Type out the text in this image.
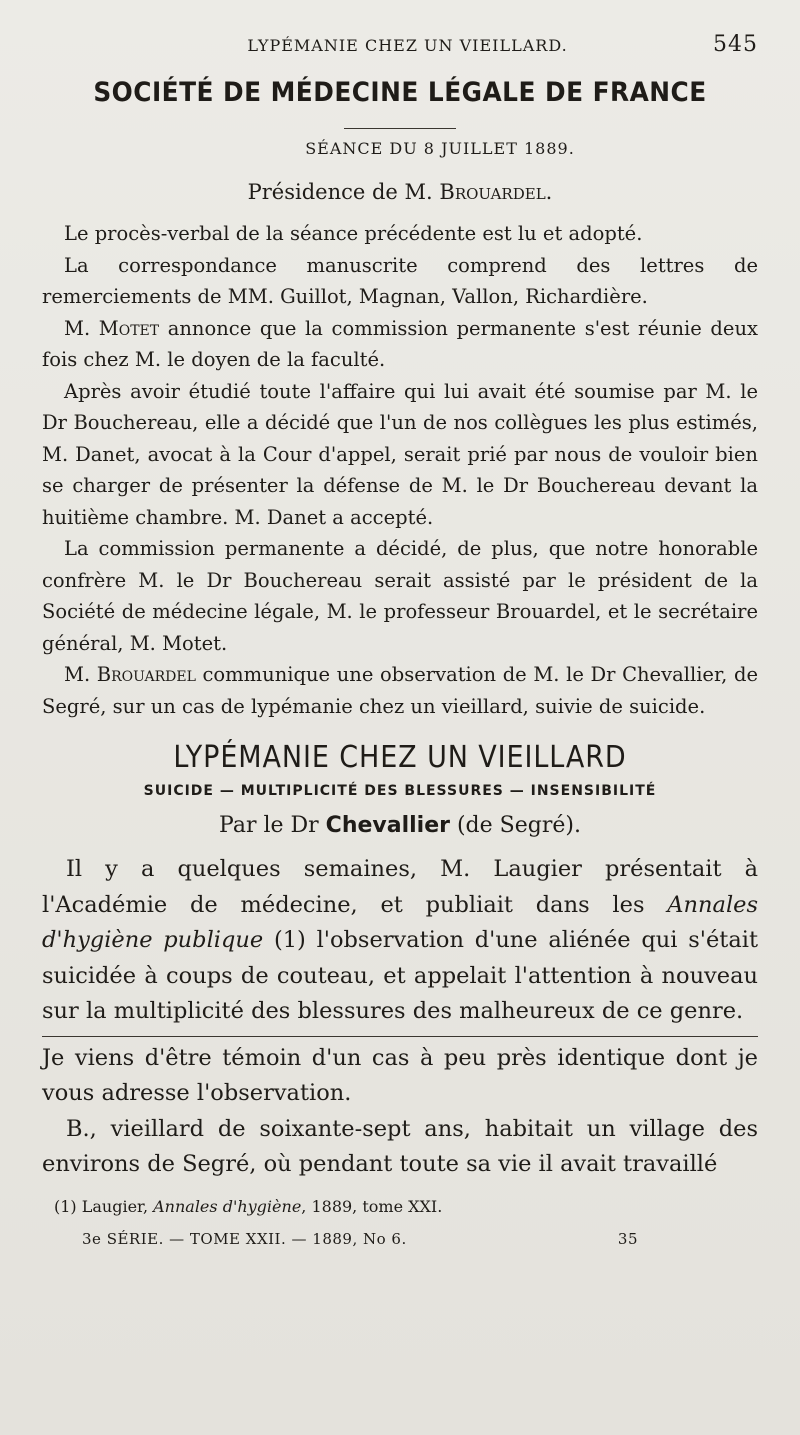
LYPÉMANIE CHEZ UN VIEILLARD.	545
SOCIÉTÉ DE MÉDECINE LÉGALE DE FRANCE
SÉANCE DU 8 JUILLET 1889.
Présidence de M. Brouardel.

Le procès-verbal de la séance précédente est lu et adopté.

La correspondance manuscrite comprend des lettres de remerciements de MM. Guillot, Magnan, Vallon, Richardière.

M. Motet annonce que la commission permanente s'est réunie deux fois chez M. le doyen de la faculté.

Après avoir étudié toute l'affaire qui lui avait été soumise par M. le Dr Bouchereau, elle a décidé que l'un de nos collègues les plus estimés, M. Danet, avocat à la Cour d'appel, serait prié par nous de vouloir bien se charger de présenter la défense de M. le Dr Bouchereau devant la huitième chambre. M. Danet a accepté.

La commission permanente a décidé, de plus, que notre honorable confrère M. le Dr Bouchereau serait assisté par le président de la Société de médecine légale, M. le professeur Brouardel, et le secrétaire général, M. Motet.

M. Brouardel communique une observation de M. le Dr Chevallier, de Segré, sur un cas de lypémanie chez un vieillard, suivie de suicide.

LYPÉMANIE CHEZ UN VIEILLARD
SUICIDE — MULTIPLICITÉ DES BLESSURES — INSENSIBILITÉ
Par le Dr Chevallier (de Segré).

Il y a quelques semaines, M. Laugier présentait à l'Académie de médecine, et publiait dans les Annales d'hygiène publique (1) l'observation d'une aliénée qui s'était suicidée à coups de couteau, et appelait l'attention à nouveau sur la multiplicité des blessures des malheureux de ce genre.

Je viens d'être témoin d'un cas à peu près identique dont je vous adresse l'observation.

B., vieillard de soixante-sept ans, habitait un village des environs de Segré, où pendant toute sa vie il avait travaillé

(1) Laugier, Annales d'hygiène, 1889, tome XXI.
3e SÉRIE. — TOME XXII. — 1889, No 6.	35
